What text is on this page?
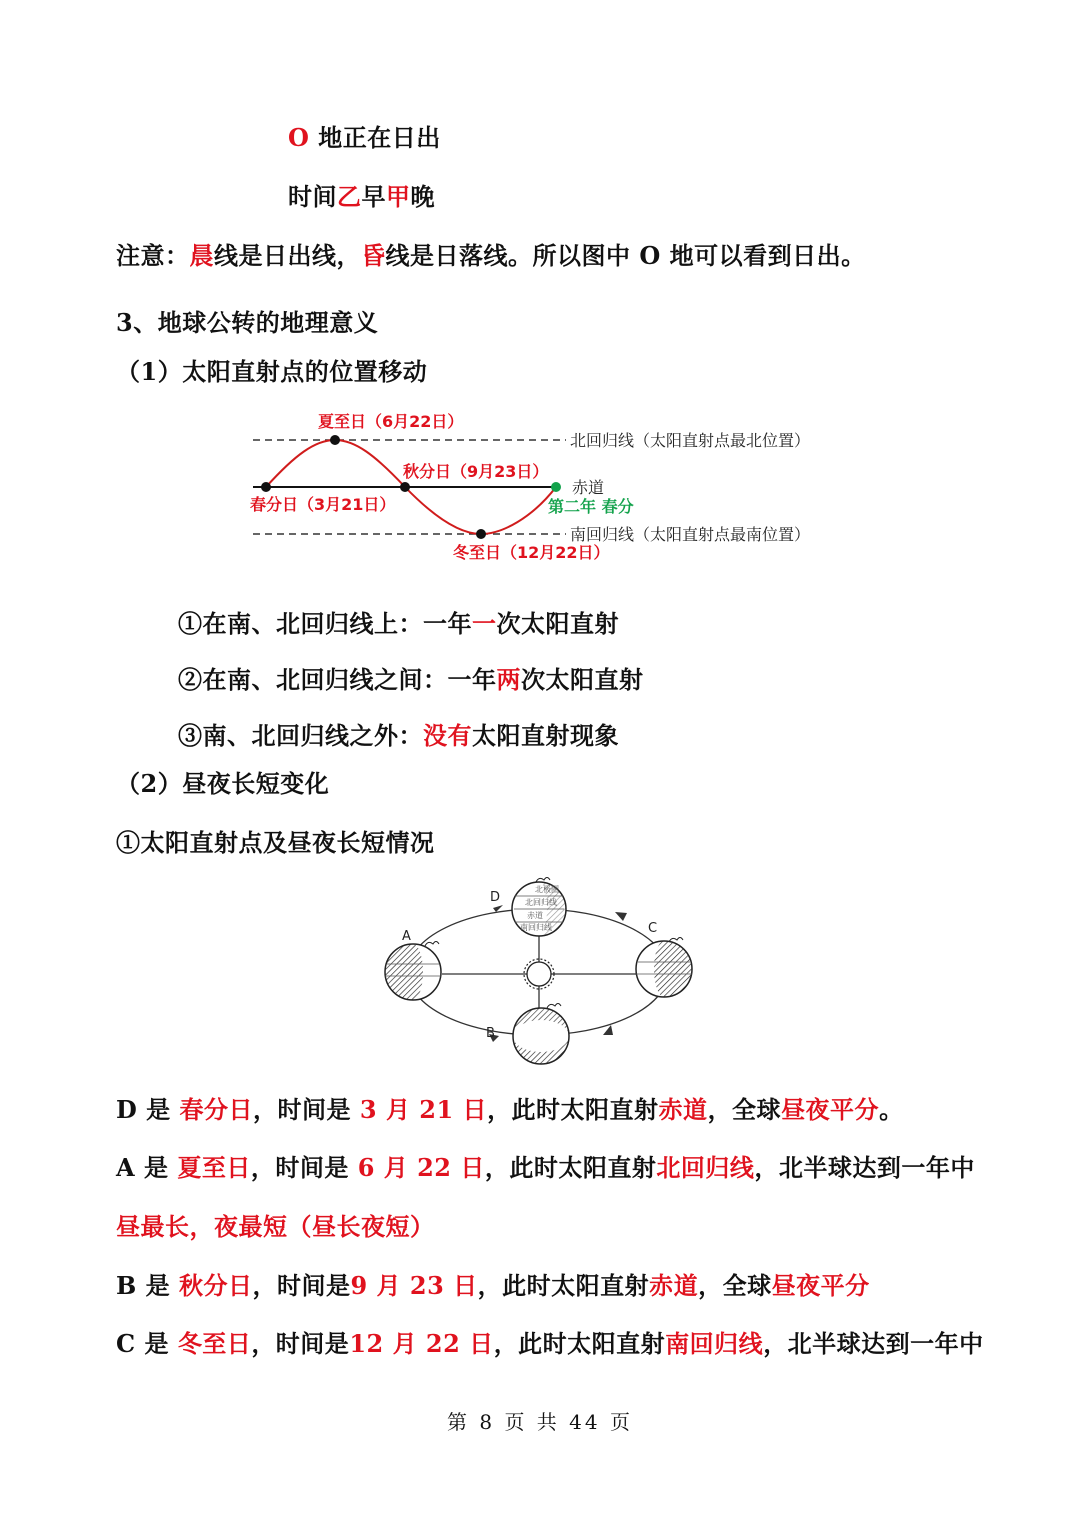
O 地正在日出
时间乙早甲晚
注意：晨线是日出线，昏线是日落线。所以图中 O 地可以看到日出。
3、地球公转的地理意义
（1）太阳直射点的位置移动
夏至日（6月22日）
秋分日（9月23日）
春分日（3月21日）
冬至日（12月22日）
第二年 春分
北回归线（太阳直射点最北位置）
赤道
南回归线（太阳直射点最南位置）
①在南、北回归线上：一年一次太阳直射
②在南、北回归线之间：一年两次太阳直射
③南、北回归线之外：没有太阳直射现象
（2）昼夜长短变化
①太阳直射点及昼夜长短情况
北极圈
北回归线
赤道
南回归线
A
B
C
D
D 是 春分日，时间是 3 月 21 日，此时太阳直射赤道，全球昼夜平分。
A 是 夏至日，时间是 6 月 22 日，此时太阳直射北回归线，北半球达到一年中
昼最长，夜最短（昼长夜短）
B 是 秋分日，时间是9 月 23 日，此时太阳直射赤道，全球昼夜平分
C 是 冬至日，时间是12 月 22 日，此时太阳直射南回归线，北半球达到一年中
第 8 页 共 44 页
